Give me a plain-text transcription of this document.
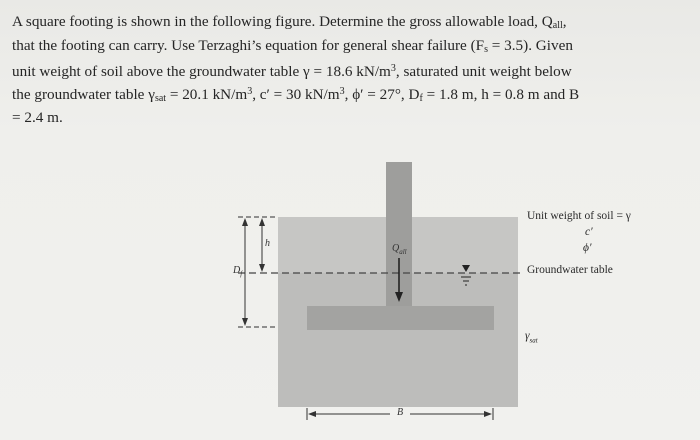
A square footing is shown in the following figure. Determine the gross allowable load, $Q_{all}$,
that the footing can carry. Use Terzaghi’s equation for general shear failure $(F_s = 3.5)$. Given
unit weight of soil above the groundwater table γ = 18.6 $kN/m^3$, saturated unit weight below
the groundwater table $\gamma_{sat} = 20.1$ $kN/m^3$, c′ = 30 $kN/m^3$, ϕ′ = 27°, $D_f = 1.8$ m, h = 0.8 m and B
= 2.4 m.
Unit weight of soil = γ
c′
ϕ′
Groundwater table
$\gamma_{sat}$
$Q_{all}$
h
$D_f$
B
